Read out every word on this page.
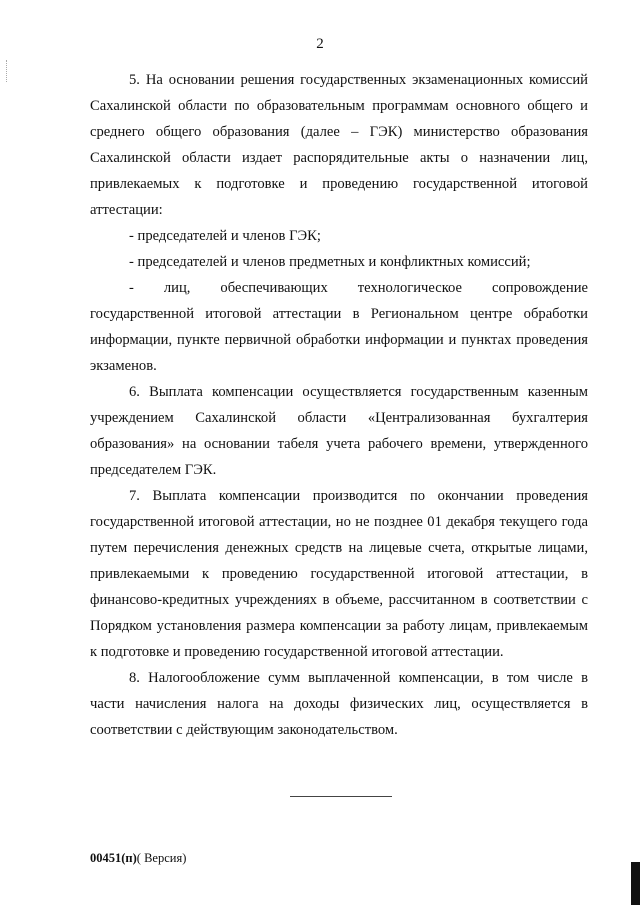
2

5. На основании решения государственных экзаменационных комиссий Сахалинской области по образовательным программам основного общего и среднего общего образования (далее – ГЭК) министерство образования Сахалинской области издает распорядительные акты о назначении лиц, привлекаемых к подготовке и проведению государственной итоговой аттестации:

- председателей и членов ГЭК;

- председателей и членов предметных и конфликтных комиссий;

- лиц, обеспечивающих технологическое сопровождение государственной итоговой аттестации в Региональном центре обработки информации, пункте первичной обработки информации и пунктах проведения экзаменов.

6. Выплата компенсации осуществляется государственным казенным учреждением Сахалинской области «Централизованная бухгалтерия образования» на основании табеля учета рабочего времени, утвержденного председателем ГЭК.

7. Выплата компенсации производится по окончании проведения государственной итоговой аттестации, но не позднее 01 декабря текущего года путем перечисления денежных средств на лицевые счета, открытые лицами, привлекаемыми к проведению государственной итоговой аттестации, в финансово-кредитных учреждениях в объеме, рассчитанном в соответствии с Порядком установления размера компенсации за работу лицам, привлекаемым к подготовке и проведению государственной итоговой аттестации.

8. Налогообложение сумм выплаченной компенсации, в том числе в части начисления налога на доходы физических лиц, осуществляется в соответствии с действующим законодательством.

00451(п)( Версия)
